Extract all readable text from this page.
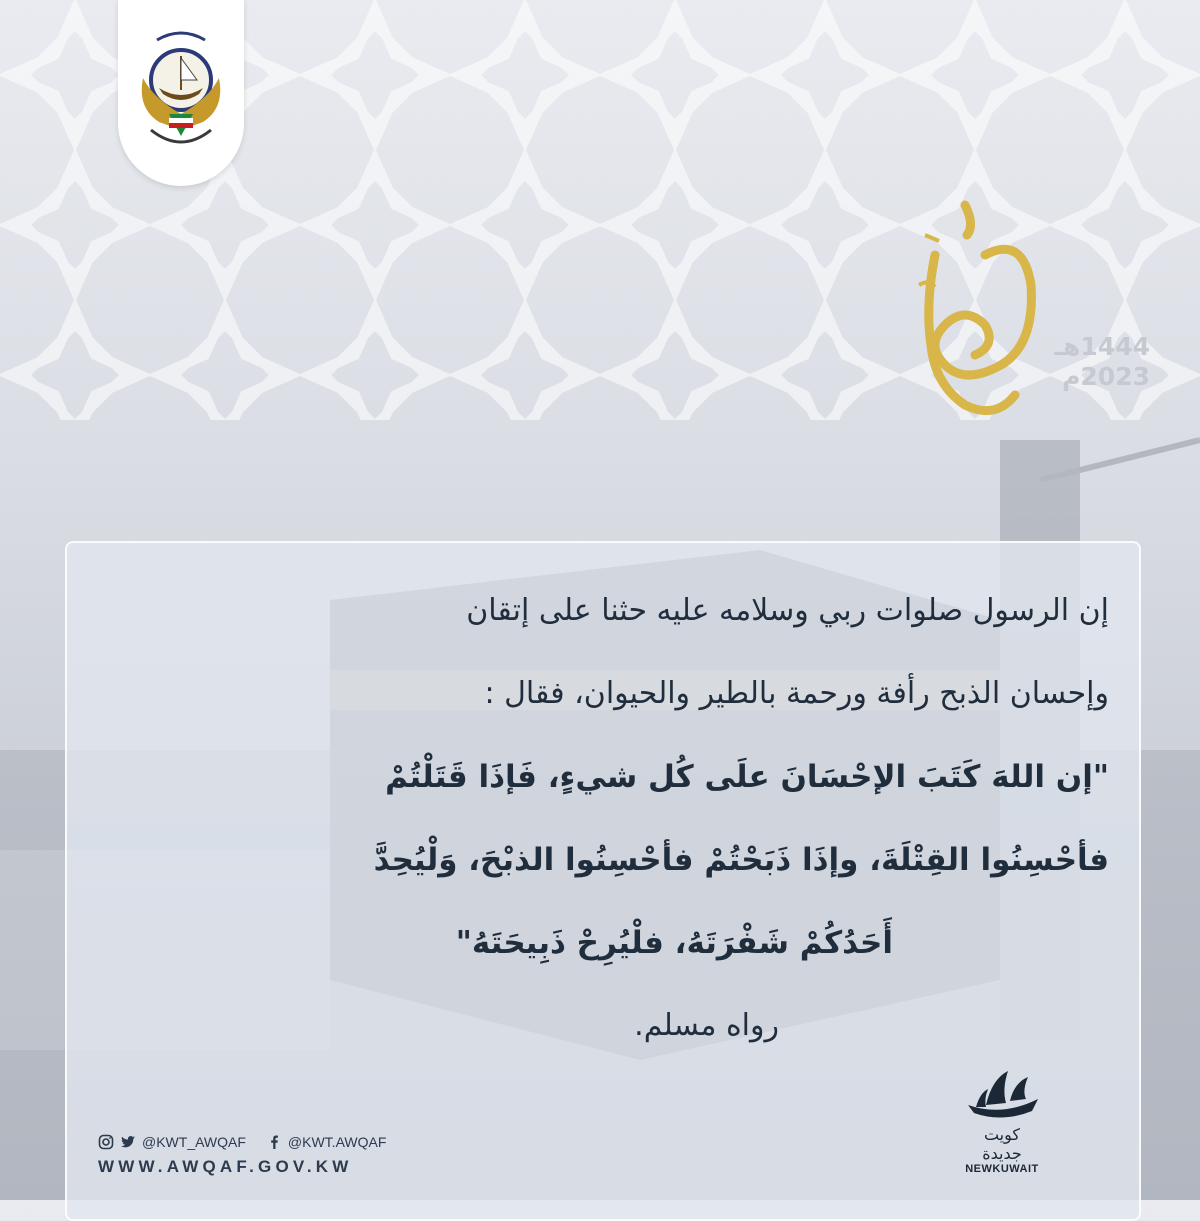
1444هـ
2023م
إن الرسول صلوات ربي وسلامه عليه حثنا على إتقان
وإحسان الذبح رأفة ورحمة بالطير والحيوان، فقال :
"إن اللهَ كَتَبَ الإحْسَانَ علَى كُل شيءٍ، فَإذَا قَتَلْتُمْ
فأحْسِنُوا القِتْلَةَ، وإذَا ذَبَحْتُمْ فأحْسِنُوا الذبْحَ، وَلْيُحِدَّ
أَحَدُكُمْ شَفْرَتَهُ، فلْيُرِحْ ذَبِيحَتَهُ"
رواه مسلم.
@KWT_AWQAF	@KWT.AWQAF
WWW.AWQAF.GOV.KW
كويت جديدة
NEWKUWAIT
